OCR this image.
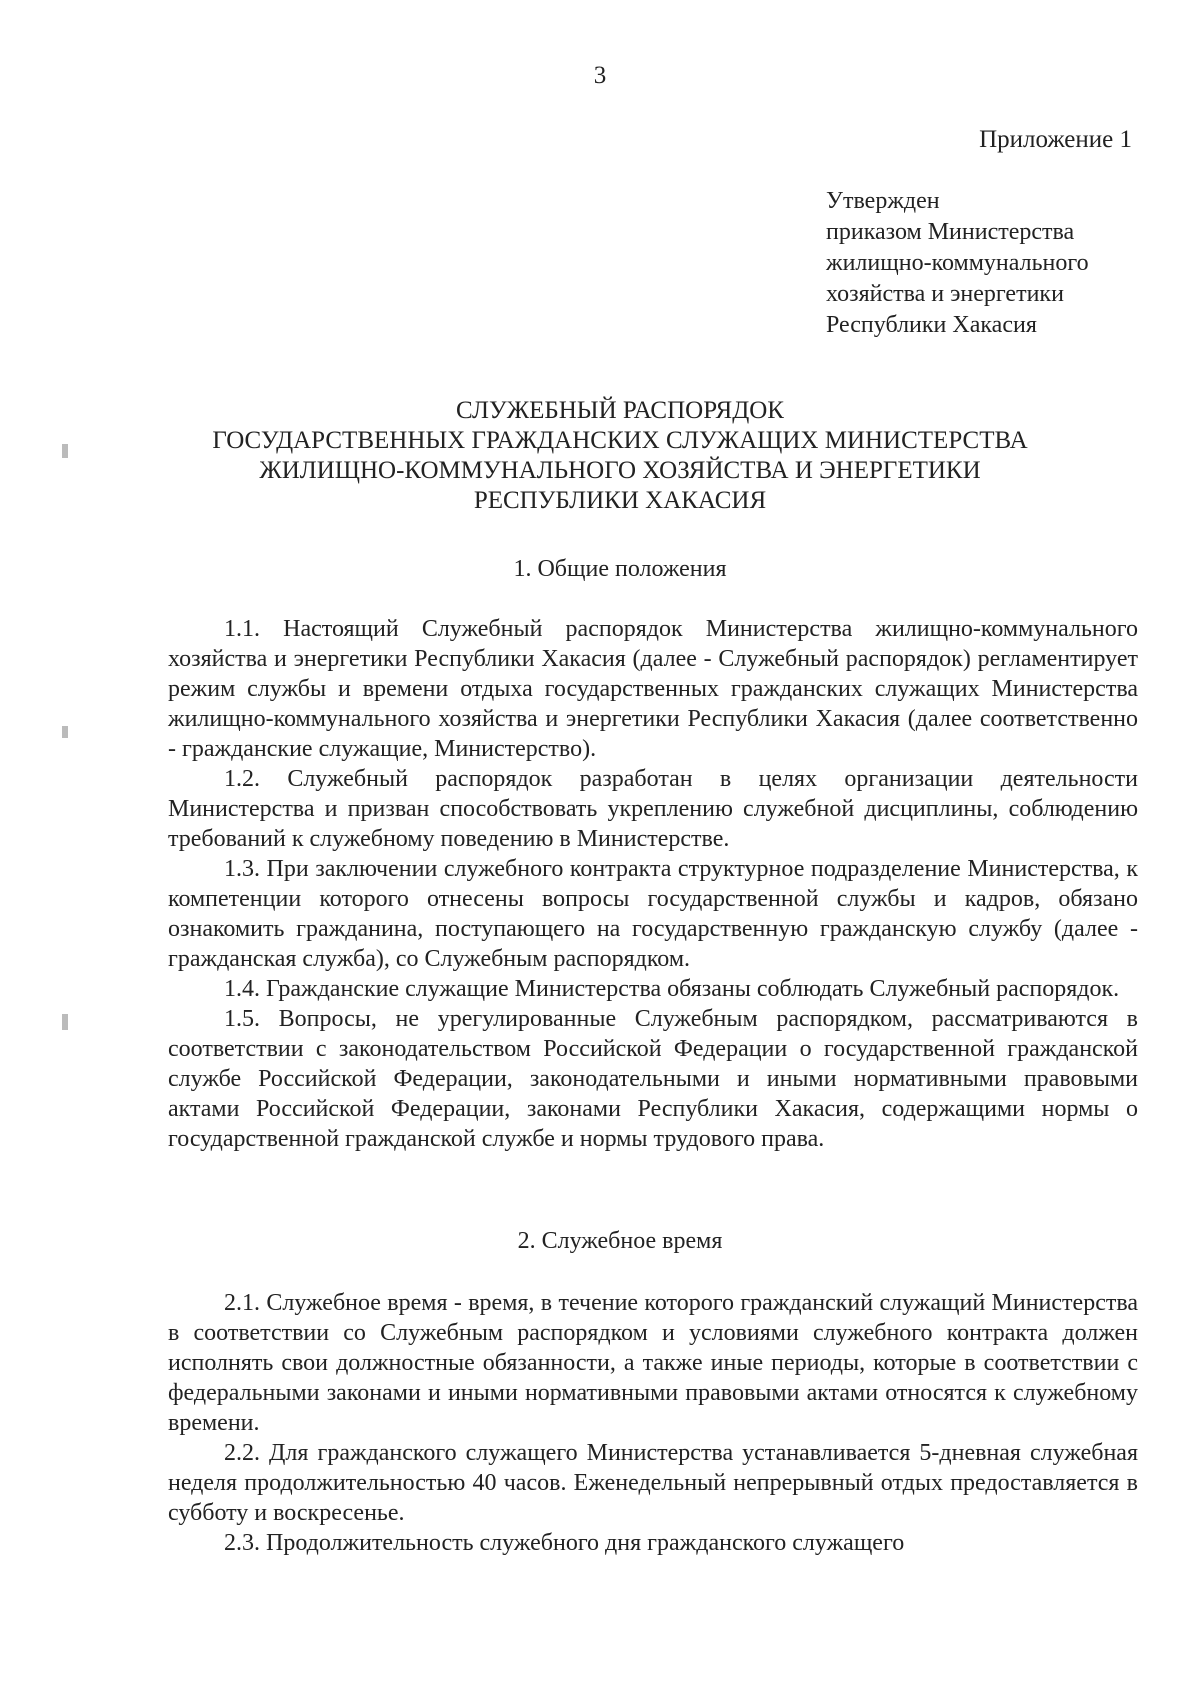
3
Приложение 1
Утвержден
приказом Министерства
жилищно-коммунального
хозяйства и энергетики
Республики Хакасия
СЛУЖЕБНЫЙ РАСПОРЯДОК
ГОСУДАРСТВЕННЫХ ГРАЖДАНСКИХ СЛУЖАЩИХ МИНИСТЕРСТВА
ЖИЛИЩНО-КОММУНАЛЬНОГО ХОЗЯЙСТВА И ЭНЕРГЕТИКИ
РЕСПУБЛИКИ ХАКАСИЯ
1. Общие положения

1.1. Настоящий Служебный распорядок Министерства жилищно-коммунального хозяйства и энергетики Республики Хакасия (далее - Служебный распорядок) регламентирует режим службы и времени отдыха государственных гражданских служащих Министерства жилищно-коммунального хозяйства и энергетики Республики Хакасия (далее соответственно - гражданские служащие, Министерство).

1.2. Служебный распорядок разработан в целях организации деятельности Министерства и призван способствовать укреплению служебной дисциплины, соблюдению требований к служебному поведению в Министерстве.

1.3. При заключении служебного контракта структурное подразделение Министерства, к компетенции которого отнесены вопросы государственной службы и кадров, обязано ознакомить гражданина, поступающего на государственную гражданскую службу (далее - гражданская служба), со Служебным распорядком.

1.4. Гражданские служащие Министерства обязаны соблюдать Служебный распорядок.

1.5. Вопросы, не урегулированные Служебным распорядком, рассматриваются в соответствии с законодательством Российской Федерации о государственной гражданской службе Российской Федерации, законодательными и иными нормативными правовыми актами Российской Федерации, законами Республики Хакасия, содержащими нормы о государственной гражданской службе и нормы трудового права.

2. Служебное время

2.1. Служебное время - время, в течение которого гражданский служащий Министерства в соответствии со Служебным распорядком и условиями служебного контракта должен исполнять свои должностные обязанности, а также иные периоды, которые в соответствии с федеральными законами и иными нормативными правовыми актами относятся к служебному времени.

2.2. Для гражданского служащего Министерства устанавливается 5-дневная служебная неделя продолжительностью 40 часов. Еженедельный непрерывный отдых предоставляется в субботу и воскресенье.

2.3. Продолжительность служебного дня гражданского служащего
